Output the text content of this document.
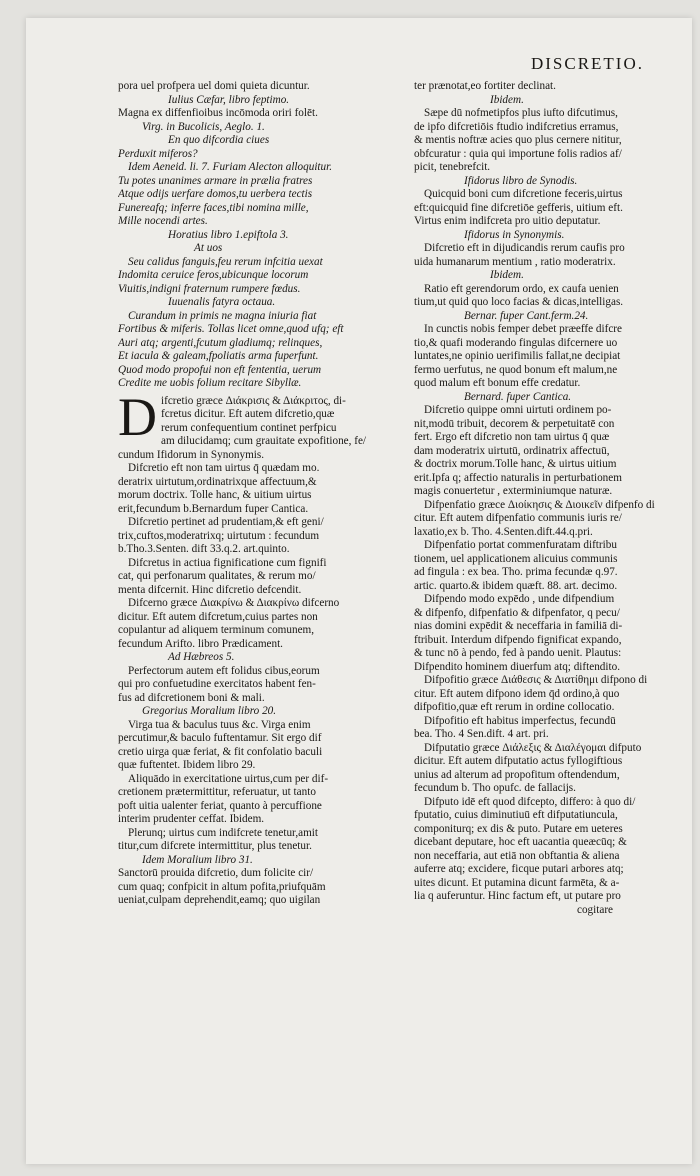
DISCRETIO.
pora uel profpera uel domi quieta dicuntur.
Iulius Cæfar, libro feptimo.
Magna ex diffenfioibus incōmoda oriri folēt.
Virg. in Bucolicis, Aeglo. 1.
En quo difcordia ciues
Perduxit miferos?
Idem Aeneid. li. 7. Furiam Alecton alloquitur.
Tu potes unanimes armare in prælia fratres
Atque odijs uerfare domos,tu uerbera tectis
Funereafq; inferre faces,tibi nomina mille,
Mille nocendi artes.
Horatius libro 1.epiftola 3.
At uos
Seu calidus fanguis,feu rerum infcitia uexat
Indomita ceruice feros,ubicunque locorum
Viuitis,indigni fraternum rumpere fœdus.
Iuuenalis fatyra octaua.
Curandum in primis ne magna iniuria fiat
Fortibus & miferis. Tollas licet omne,quod ufq; eft
Auri atq; argenti,fcutum gladiumq; relinques,
Et iacula & galeam,fpoliatis arma fuperfunt.
Quod modo propofui non eft fententia, uerum
Credite me uobis folium recitare Sibyllæ.
D ifcretio græce Διάκρισις & Διάκριτος, di-
fcretus dicitur. Eft autem difcretio,quæ
rerum confequentium continet perfpicu
am dilucidamq; cum grauitate expofitione, fe/
cundum Ifidorum in Synonymis.
Difcretio eft non tam uirtus q̄ quædam mo.
deratrix uirtutum,ordinatrixque affectuum,&
morum doctrix. Tolle hanc, & uitium uirtus
erit,fecundum b.Bernardum fuper Cantica.
Difcretio pertinet ad prudentiam,& eft geni/
trix,cuftos,moderatrixq; uirtutum : fecundum
b.Tho.3.Senten. dift 33.q.2. art.quinto.
Difcretus in actiua fignificatione cum fignifi
cat, qui perfonarum qualitates, & rerum mo/
menta difcernit. Hinc difcretio defcendit.
Difcerno græce Διακρίνω & Διακρίνω difcerno
dicitur. Eft autem difcretum,cuius partes non
copulantur ad aliquem terminum comunem,
fecundum Arifto. libro Prædicament.
Ad Hæbreos 5.
Perfectorum autem eft folidus cibus,eorum
qui pro confuetudine exercitatos habent fen-
fus ad difcretionem boni & mali.
Gregorius Moralium libro 20.
Virga tua & baculus tuus &c. Virga enim
percutimur,& baculo fuftentamur. Sit ergo dif
cretio uirga quæ feriat, & fit confolatio baculi
quæ fuftentet. Ibidem libro 29.
Aliquādo in exercitatione uirtus,cum per dif-
cretionem prætermittitur, referuatur, ut tanto
poft uitia ualenter feriat, quanto à percuffione
interim prudenter ceffat. Ibidem.
Plerunq; uirtus cum indifcrete tenetur,amit
titur,cum difcrete intermittitur, plus tenetur.
Idem Moralium libro 31.
Sanctorū prouida difcretio, dum folicite cir/
cum quaq; confpicit in altum pofita,priufquām
ueniat,culpam deprehendit,eamq; quo uigilan
ter prænotat,eo fortiter declinat.
Ibidem.
Sæpe dū nofmetipfos plus iufto difcutimus,
de ipfo difcretiōis ftudio indifcretius erramus,
& mentis noftræ acies quo plus cernere nititur,
obfcuratur : quia qui importune folis radios af/
picit, tenebrefcit.
Ifidorus libro de Synodis.
Quicquid boni cum difcretione feceris,uirtus
eft:quicquid fine difcretiōe gefferis, uitium eft.
Virtus enim indifcreta pro uitio deputatur.
Ifidorus in Synonymis.
Difcretio eft in dijudicandis rerum caufis pro
uida humanarum mentium , ratio moderatrix.
Ibidem.
Ratio eft gerendorum ordo, ex caufa uenien
tium,ut quid quo loco facias & dicas,intelligas.
Bernar. fuper Cant.ferm.24.
In cunctis nobis femper debet præeffe difcre
tio,& quafi moderando fingulas difcernere uo
luntates,ne opinio uerifimilis fallat,ne decipiat
fermo uerfutus, ne quod bonum eft malum,ne
quod malum eft bonum effe credatur.
Bernard. fuper Cantica.
Difcretio quippe omni uirtuti ordinem po-
nit,modū tribuit, decorem & perpetuitatē con
fert. Ergo eft difcretio non tam uirtus q̄ quæ
dam moderatrix uirtutū, ordinatrix affectuū,
& doctrix morum.Tolle hanc, & uirtus uitium
erit.Ipfa q; affectio naturalis in perturbationem
magis conuertetur , exterminiumque naturæ.
Difpenfatio græce Διοίκησις & Διοικεῖν difpenfo di
citur. Eft autem difpenfatio communis iuris re/
laxatio,ex b. Tho. 4.Senten.dift.44.q.pri.
Difpenfatio portat commenfuratam diftribu
tionem, uel applicationem alicuius communis
ad fingula : ex bea. Tho. prima fecundæ q.97.
artic. quarto.& ibidem quæft. 88. art. decimo.
Difpendo modo expēdo , unde difpendium
& difpenfo, difpenfatio & difpenfator, q pecu/
nias domini expēdit & neceffaria in familiā di-
ftribuit. Interdum difpendo fignificat expando,
& tunc nō à pendo, fed à pando uenit. Plautus:
Difpendito hominem diuerfum atq; diftendito.
Difpofitio græce Διάθεσις & Διατίθημι difpono di
citur. Eft autem difpono idem q̄d ordino,à quo
difpofitio,quæ eft rerum in ordine collocatio.
Difpofitio eft habitus imperfectus, fecundū
bea. Tho. 4 Sen.dift. 4 art. pri.
Difputatio græce Διάλεξις & Διαλέγομαι difputo
dicitur. Eft autem difputatio actus fyllogiftious
unius ad alterum ad propofitum oftendendum,
fecundum b. Tho opufc. de fallacijs.
Difputo idē eft quod difcepto, differo: à quo di/
fputatio, cuius diminutiuū eft difputatiuncula,
componiturq; ex dis & puto. Putare em ueteres
dicebant deputare, hoc eft uacantia queæcūq; &
non neceffaria, aut etiā non obftantia & aliena
auferre atq; excidere, ficque putari arbores atq;
uites dicunt. Et putamina dicunt farmēta, & a-
lia q auferuntur. Hinc factum eft, ut putare pro
cogitare
